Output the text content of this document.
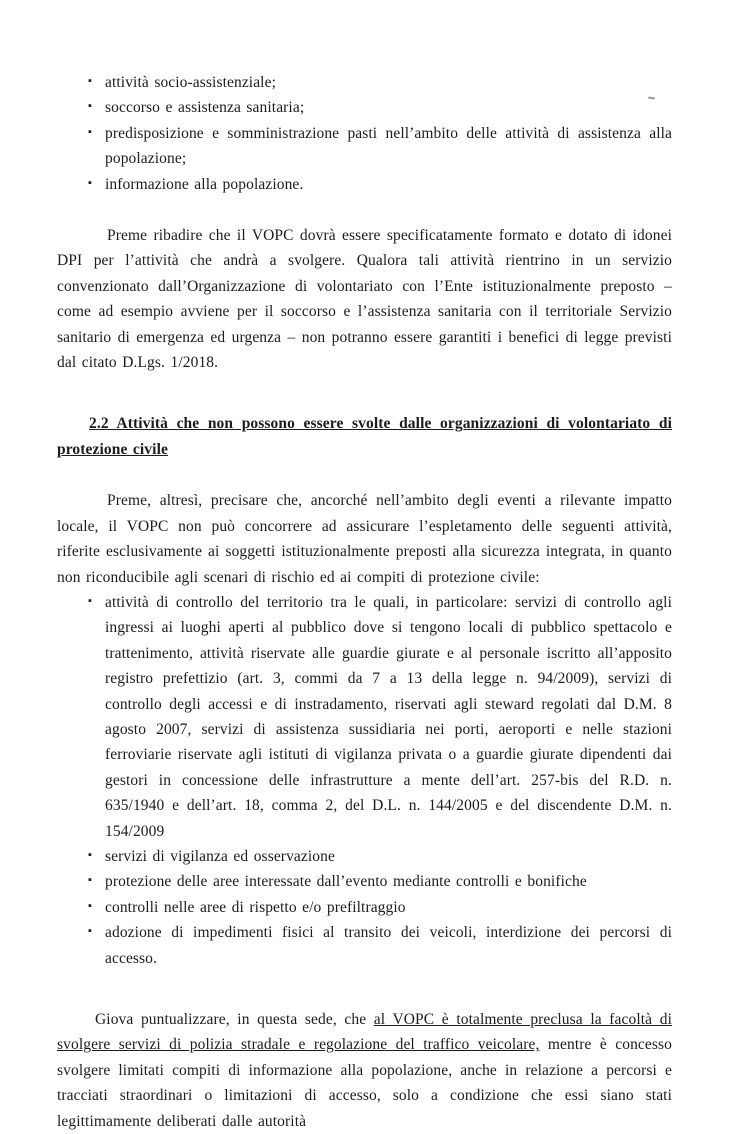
▪ attività socio-assistenziale;
▪ soccorso e assistenza sanitaria;
▪ predisposizione e somministrazione pasti nell’ambito delle attività di assistenza alla popolazione;
▪ informazione alla popolazione.

Preme ribadire che il VOPC dovrà essere specificatamente formato e dotato di idonei DPI per l’attività che andrà a svolgere. Qualora tali attività rientrino in un servizio convenzionato dall’Organizzazione di volontariato con l’Ente istituzionalmente preposto – come ad esempio avviene per il soccorso e l’assistenza sanitaria con il territoriale Servizio sanitario di emergenza ed urgenza – non potranno essere garantiti i benefici di legge previsti dal citato D.Lgs. 1/2018.

2.2 Attività che non possono essere svolte dalle organizzazioni di volontariato di protezione civile

Preme, altresì, precisare che, ancorché nell’ambito degli eventi a rilevante impatto locale, il VOPC non può concorrere ad assicurare l’espletamento delle seguenti attività, riferite esclusivamente ai soggetti istituzionalmente preposti alla sicurezza integrata, in quanto non riconducibile agli scenari di rischio ed ai compiti di protezione civile:

▪ attività di controllo del territorio tra le quali, in particolare: servizi di controllo agli ingressi ai luoghi aperti al pubblico dove si tengono locali di pubblico spettacolo e trattenimento, attività riservate alle guardie giurate e al personale iscritto all’apposito registro prefettizio (art. 3, commi da 7 a 13 della legge n. 94/2009), servizi di controllo degli accessi e di instradamento, riservati agli steward regolati dal D.M. 8 agosto 2007, servizi di assistenza sussidiaria nei porti, aeroporti e nelle stazioni ferroviarie riservate agli istituti di vigilanza privata o a guardie giurate dipendenti dai gestori in concessione delle infrastrutture a mente dell’art. 257-bis del R.D. n. 635/1940 e dell’art. 18, comma 2, del D.L. n. 144/2005 e del discendente D.M. n. 154/2009
▪ servizi di vigilanza ed osservazione
▪ protezione delle aree interessate dall’evento mediante controlli e bonifiche
▪ controlli nelle aree di rispetto e/o prefiltraggio
▪ adozione di impedimenti fisici al transito dei veicoli, interdizione dei percorsi di accesso.

Giova puntualizzare, in questa sede, che al VOPC è totalmente preclusa la facoltà di svolgere servizi di polizia stradale e regolazione del traffico veicolare, mentre è concesso svolgere limitati compiti di informazione alla popolazione, anche in relazione a percorsi e tracciati straordinari o limitazioni di accesso, solo a condizione che essi siano stati legittimamente deliberati dalle autorità
